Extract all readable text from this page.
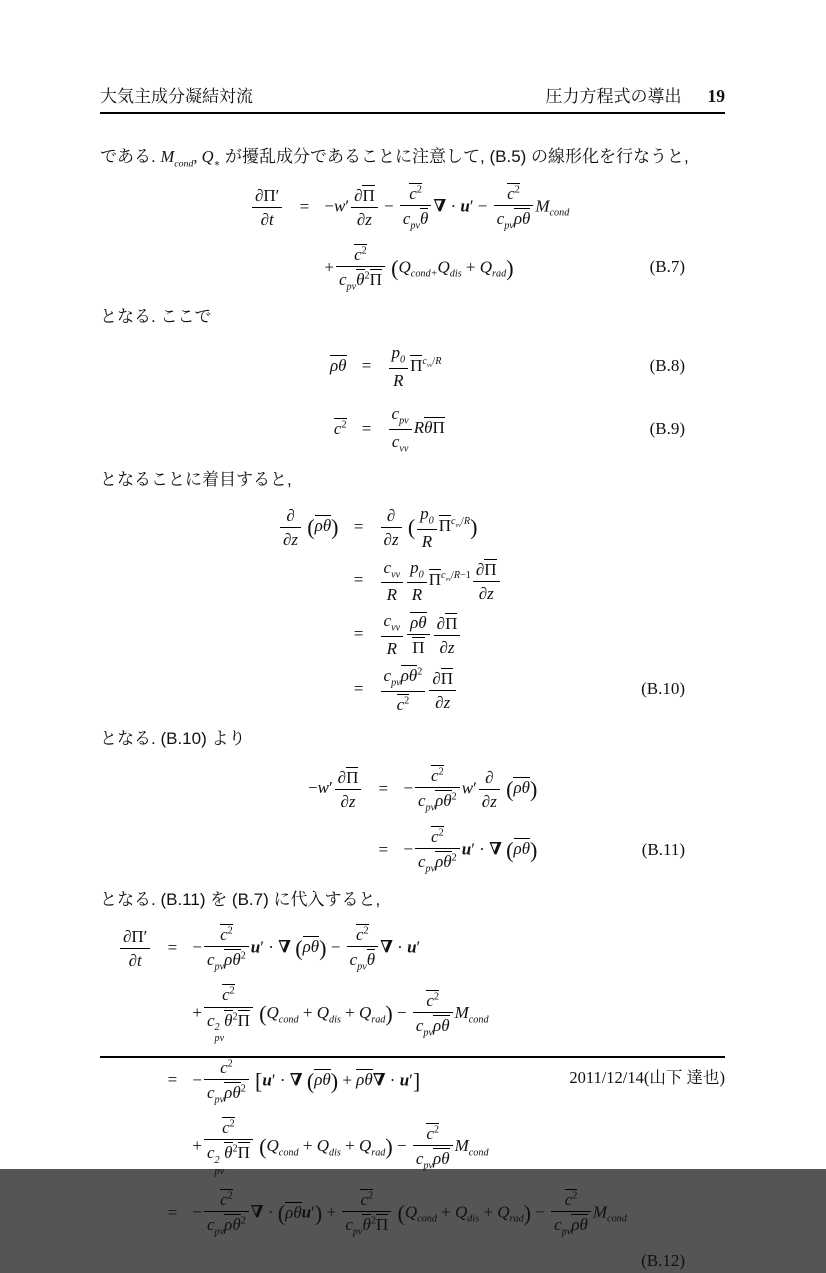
大気主成分凝結対流	圧力方程式の導出 19
である. $M_{cond}$, $Q_∗$ が擾乱成分であることに注意して, (B.5) の線形化を行なうと,
$\frac{\partial\Pi'}{\partial t}$	= $-w' \frac{\partial\Pi}{\partial z}$ −
$c^2$
$c_{pv}\theta$
∇ · u′ −
$c^2$
$c_{pv}\rho\theta$
$M_{cond}$
+
$c^2$
$c_{pv}\theta^2\Pi$ $(Q_{cond+}Q_{dis} + Q_{rad})$	(B.7)
となる. ここで
ρθ =	$\frac{p_0}{R} \Pi^{c_{vv}/R}$	(B.8)
$c^2$ =
$c_{pv}$
$c_{vv}$
RθΠ	(B.9)
となることに着目すると,
∂
∂z
(ρθ) =
∂
∂z
( $\frac{p_0}{R} \Pi^{c_{vv}/R}$)
=
$c_{vv}$
R $\frac{p_0}{R} \Pi^{c_{vv}/R-1} \frac{\partial\Pi}{\partial z}$
=
$c_{vv}$
R $\frac{\rho\theta}{\Pi} \frac{\partial\Pi}{\partial z}$
=
$c_{pv}\rho\theta^2$
$c^2$	$\frac{\partial\Pi}{\partial z}$	(B.10)
となる. (B.10) より
$-w' \frac{\partial\Pi}{\partial z}$	= −
$c^2$
$c_{pv}\rho\theta^2$ w′
∂
∂z
(ρθ)
= −
$c^2$
$c_{pv}\rho\theta^2$ u′ · ∇ (ρθ)	(B.11)
となる. (B.11) を (B.7) に代入すると,
$\frac{\partial\Pi'}{\partial t}$	= −
$c^2$
$c_{pv}\rho\theta^2$ u′ · ∇ (ρθ) −
$c^2$
$c_{pv}\theta$
∇ · u′
+
$c^2$
c 2
pv
$\theta^2\Pi$ $(Q_{cond} + Q_{dis} + Q_{rad})$ −
$c^2$
$c_{pv}\rho\theta$
$M_{cond}$
= −
$c^2$
$c_{pv}\rho\theta^2$ [u′ · ∇ (ρθ) + ρθ∇ · u′]
+
$c^2$
c 2
pv
$\theta^2\Pi$ $(Q_{cond} + Q_{dis} + Q_{rad})$ −
$c^2$
$c_{pv}\rho\theta$
$M_{cond}$
= −
$c^2$
$c_{pv}\rho\theta^2$ ∇ · (ρθu′) +
$c^2$
$c_{pv}\theta^2\Pi$ $(Q_{cond} + Q_{dis} + Q_{rad})$ −
$c^2$
$c_{pv}\rho\theta$
$M_{cond}$
(B.12)
2011/12/14(山下 達也)
